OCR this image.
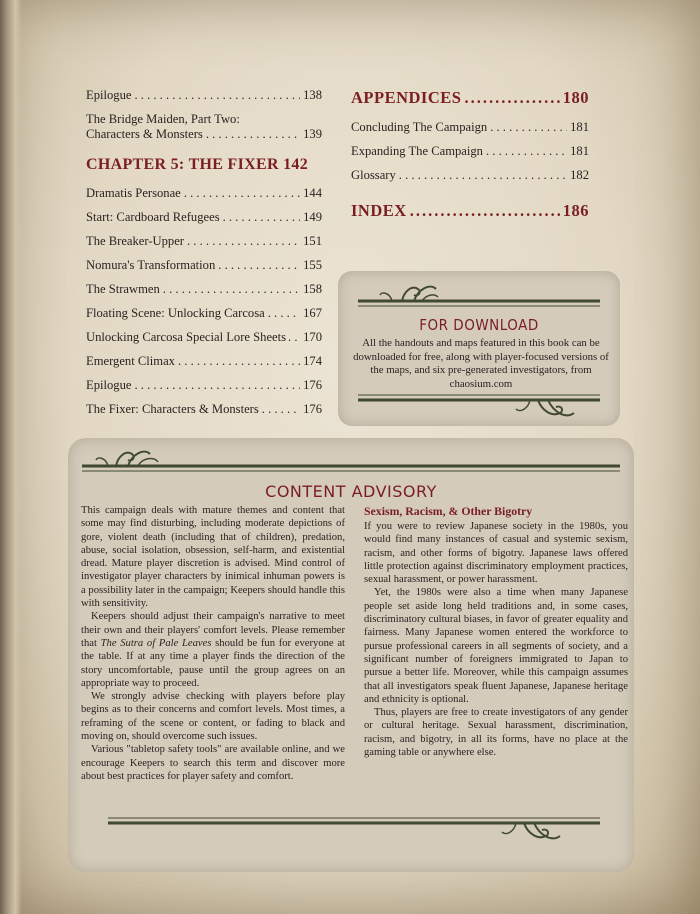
Epilogue . . .	138
The Bridge Maiden, Part Two:
Characters & Monsters . . .	139
CHAPTER 5: THE FIXER 142
Dramatis Personae . . .	144
Start: Cardboard Refugees . . .	149
The Breaker-Upper . . .	151
Nomura's Transformation . . .	155
The Strawmen . . .	158
Floating Scene: Unlocking Carcosa . . .	167
Unlocking Carcosa Special Lore Sheets . . . 170
Emergent Climax . . .	174
Epilogue . . .	176
The Fixer: Characters & Monsters . . .	176
APPENDICES .....	180
Concluding The Campaign . . .	181
Expanding The Campaign . . .	181
Glossary . . .	182
INDEX .....	186
FOR DOWNLOAD
All the handouts and maps featured in this book can be downloaded for free, along with player-focused versions of the maps, and six pre-generated investigators, from chaosium.com
CONTENT ADVISORY

This campaign deals with mature themes and content that some may find disturbing, including moderate depictions of gore, violent death (including that of children), predation, abuse, social isolation, obsession, self-harm, and existential dread. Mature player discretion is advised. Mind control of investigator player characters by inimical inhuman powers is a possibility later in the campaign; Keepers should handle this with sensitivity.

Keepers should adjust their campaign's narrative to meet their own and their players' comfort levels. Please remember that The Sutra of Pale Leaves should be fun for everyone at the table. If at any time a player finds the direction of the story uncomfortable, pause until the group agrees on an appropriate way to proceed.

We strongly advise checking with players before play begins as to their concerns and comfort levels. Most times, a reframing of the scene or content, or fading to black and moving on, should overcome such issues.

Various "tabletop safety tools" are available online, and we encourage Keepers to search this term and discover more about best practices for player safety and comfort.

Sexism, Racism, & Other Bigotry

If you were to review Japanese society in the 1980s, you would find many instances of casual and systemic sexism, racism, and other forms of bigotry. Japanese laws offered little protection against discriminatory employment practices, sexual harassment, or power harassment.

Yet, the 1980s were also a time when many Japanese people set aside long held traditions and, in some cases, discriminatory cultural biases, in favor of greater equality and fairness. Many Japanese women entered the workforce to pursue professional careers in all segments of society, and a significant number of foreigners immigrated to Japan to pursue a better life. Moreover, while this campaign assumes that all investigators speak fluent Japanese, Japanese heritage and ethnicity is optional.

Thus, players are free to create investigators of any gender or cultural heritage. Sexual harassment, discrimination, racism, and bigotry, in all its forms, have no place at the gaming table or anywhere else.
